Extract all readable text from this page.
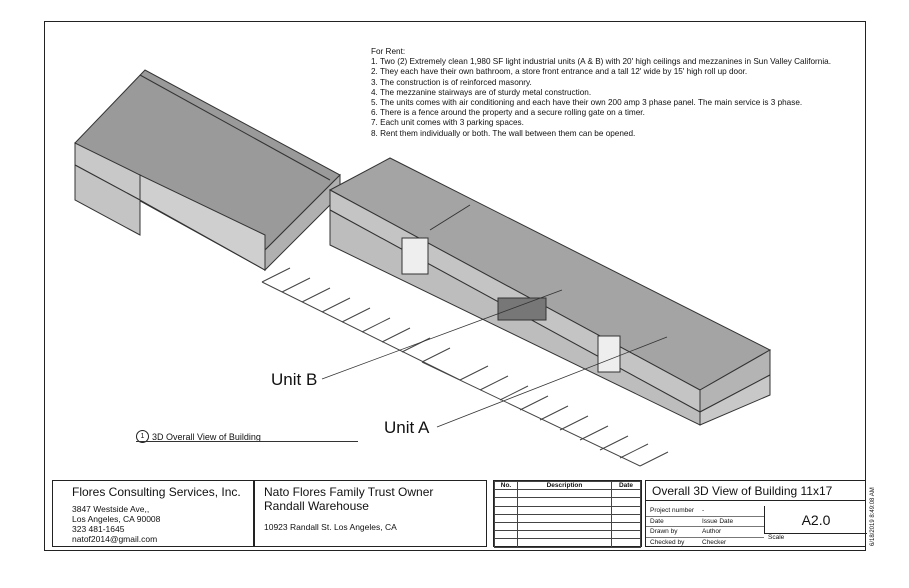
For Rent:
1. Two (2) Extremely clean 1,980 SF light industrial units (A & B) with 20' high ceilings and mezzanines in Sun Valley California.
2. They each have their own bathroom, a store front entrance and a tall 12' wide by 15' high roll up door.
3. The construction is of reinforced masonry.
4. The mezzanine stairways are of sturdy metal construction.
5. The units comes with air conditioning and each have their own 200 amp 3 phase panel. The main service is 3 phase.
6. There is a fence around the property and a secure rolling gate on a timer.
7. Each unit comes with 3 parking spaces.
8. Rent them individually or both. The wall between them can be opened.
Unit B
Unit A
1 3D Overall View of Building
Flores Consulting Services, Inc.
3847 Westside Ave,,
Los Angeles, CA 90008
323 481-1645
natof2014@gmail.com
Nato Flores Family Trust Owner
Randall Warehouse
10923 Randall St. Los Angeles, CA
No.	Description	Date

			Overall 3D View of Building 11x17
Project number	-
Date	Issue Date
Drawn by	Author
Checked by	Checker
A2.0
Scale	6/18/2019 8:49:08 AM
